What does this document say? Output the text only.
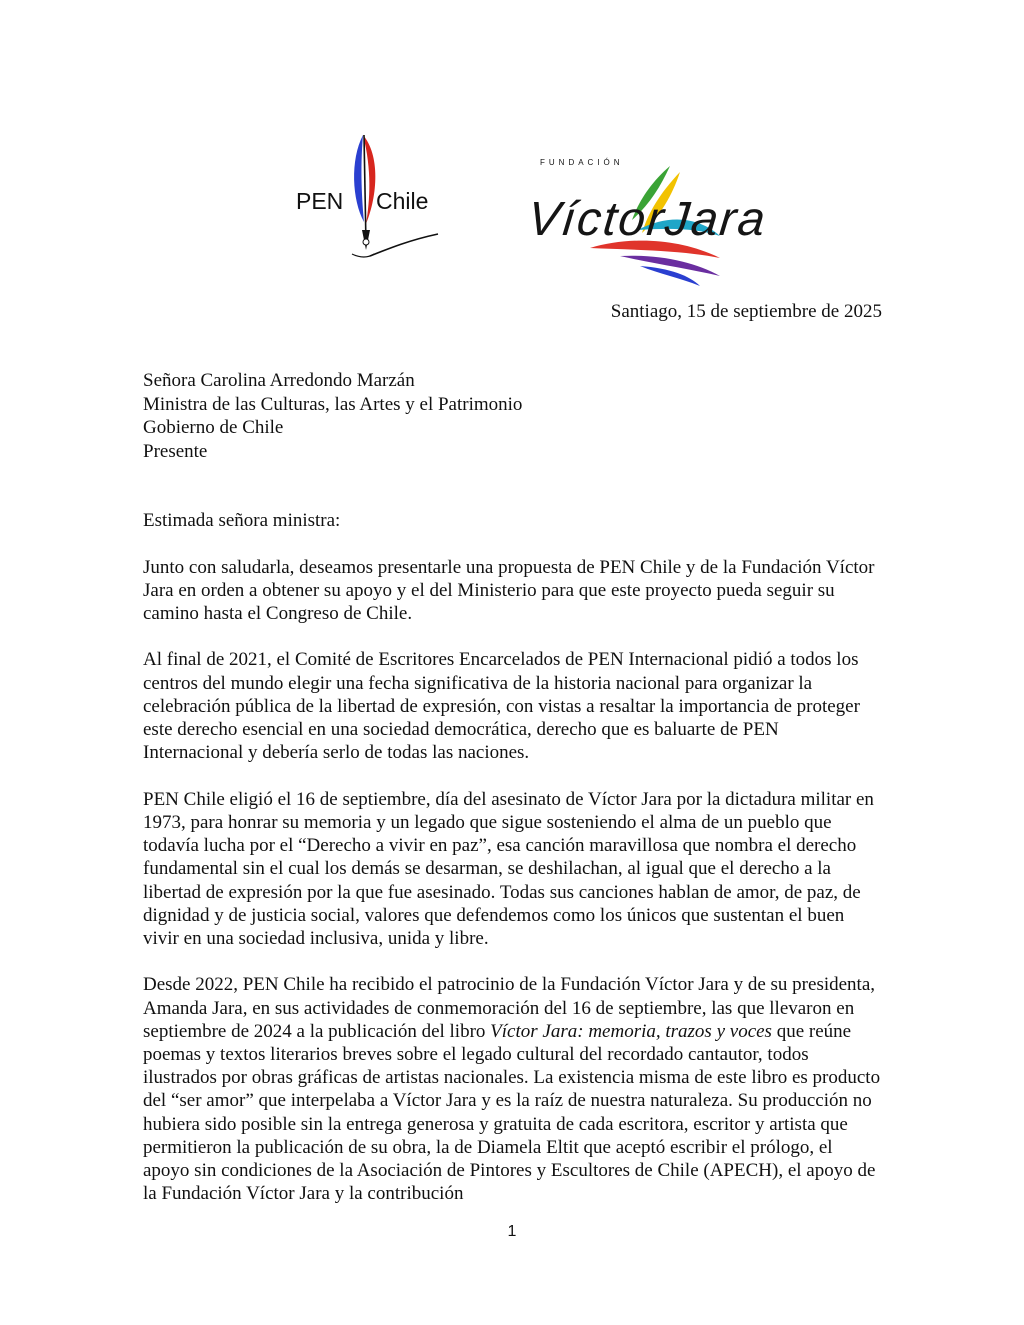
PEN Chile
FUNDACIÓN
VíctorJara
Santiago, 15 de septiembre de 2025
Señora Carolina Arredondo Marzán
Ministra de las Culturas, las Artes y el Patrimonio
Gobierno de Chile
Presente

Estimada señora ministra:

Junto con saludarla, deseamos presentarle una propuesta de PEN Chile y de la Fundación Víctor Jara en orden a obtener su apoyo y el del Ministerio para que este proyecto pueda seguir su camino hasta el Congreso de Chile.

Al final de 2021, el Comité de Escritores Encarcelados de PEN Internacional pidió a todos los centros del mundo elegir una fecha significativa de la historia nacional para organizar la celebración pública de la libertad de expresión, con vistas a resaltar la importancia de proteger este derecho esencial en una sociedad democrática, derecho que es baluarte de PEN Internacional y debería serlo de todas las naciones.

PEN Chile eligió el 16 de septiembre, día del asesinato de Víctor Jara por la dictadura militar en 1973, para honrar su memoria y un legado que sigue sosteniendo el alma de un pueblo que todavía lucha por el “Derecho a vivir en paz”, esa canción maravillosa que nombra el derecho fundamental sin el cual los demás se desarman, se deshilachan, al igual que el derecho a la libertad de expresión por la que fue asesinado. Todas sus canciones hablan de amor, de paz, de dignidad y de justicia social, valores que defendemos como los únicos que sustentan el buen vivir en una sociedad inclusiva, unida y libre.

Desde 2022, PEN Chile ha recibido el patrocinio de la Fundación Víctor Jara y de su presidenta, Amanda Jara, en sus actividades de conmemoración del 16 de septiembre, las que llevaron en septiembre de 2024 a la publicación del libro Víctor Jara: memoria, trazos y voces que reúne poemas y textos literarios breves sobre el legado cultural del recordado cantautor, todos ilustrados por obras gráficas de artistas nacionales. La existencia misma de este libro es producto del “ser amor” que interpelaba a Víctor Jara y es la raíz de nuestra naturaleza. Su producción no hubiera sido posible sin la entrega generosa y gratuita de cada escritora, escritor y artista que permitieron la publicación de su obra, la de Diamela Eltit que aceptó escribir el prólogo, el apoyo sin condiciones de la Asociación de Pintores y Escultores de Chile (APECH), el apoyo de la Fundación Víctor Jara y la contribución

1
